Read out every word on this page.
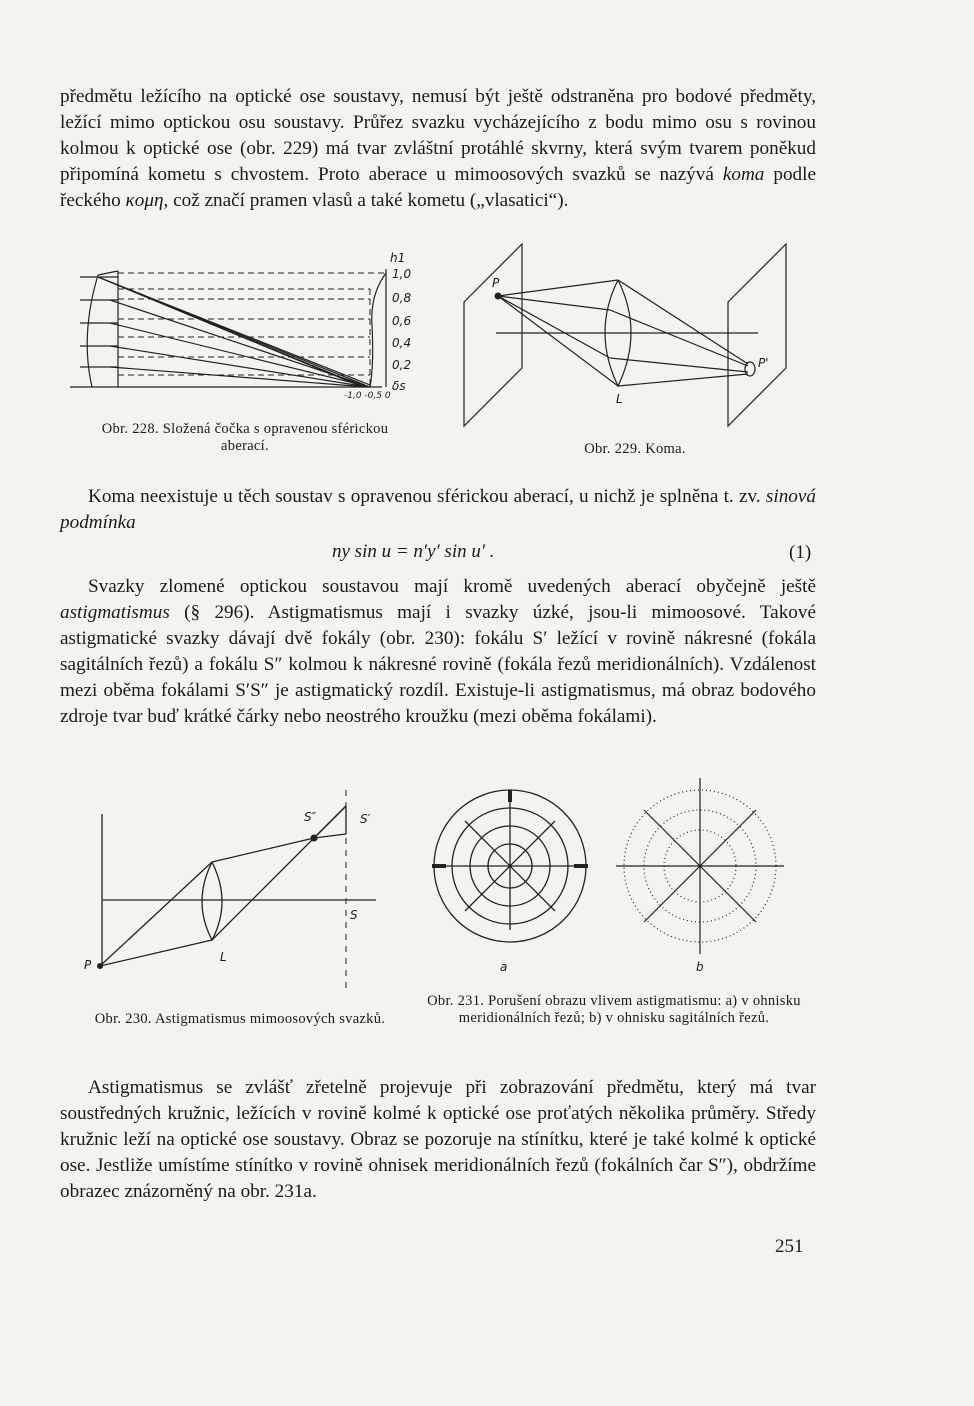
předmětu ležícího na optické ose soustavy, nemusí být ještě odstraněna pro bodové předměty, ležící mimo optickou osu soustavy. Průřez svazku vycházejícího z bodu mimo osu s rovinou kolmou k optické ose (obr. 229) má tvar zvláštní protáhlé skvrny, která svým tvarem poněkud připomíná kometu s chvostem. Proto aberace u mimoosových svazků se nazývá koma podle řeckého κομη, což značí pramen vlasů a také kometu („vlasatici“).

h1
1,0
0,8
0,6
0,4
0,2
-1,0 -0,5 0
δs
Obr. 228. Složená čočka s opravenou sférickou aberací.
P
P'
L
Obr. 229. Koma.

Koma neexistuje u těch soustav s opravenou sférickou aberací, u nichž je splněna t. zv. sinová podmínka

ny sin u = n′y′ sin u′ .	(1)

Svazky zlomené optickou soustavou mají kromě uvedených aberací obyčejně ještě astigmatismus (§ 296). Astigmatismus mají i svazky úzké, jsou-li mimoosové. Takové astigmatické svazky dávají dvě fokály (obr. 230): fokálu S′ ležící v rovině nákresné (fokála sagitálních řezů) a fokálu S″ kolmou k nákresné rovině (fokála řezů meridionálních). Vzdálenost mezi oběma fokálami S′S″ je astigmatický rozdíl. Existuje-li astigmatismus, má obraz bodového zdroje tvar buď krátké čárky nebo neostrého kroužku (mezi oběma fokálami).

S″	S′
S
P
L
Obr. 230. Astigmatismus mimoosových svazků.
a	b
Obr. 231. Porušení obrazu vlivem astigmatismu: a) v ohnisku meridionálních řezů; b) v ohnisku sagitálních řezů.

Astigmatismus se zvlášť zřetelně projevuje při zobrazování předmětu, který má tvar soustředných kružnic, ležících v rovině kolmé k optické ose proťatých několika průměry. Středy kružnic leží na optické ose soustavy. Obraz se pozoruje na stínítku, které je také kolmé k optické ose. Jestliže umístíme stínítko v rovině ohnisek meridionálních řezů (fokálních čar S″), obdržíme obrazec znázorněný na obr. 231a.

251
